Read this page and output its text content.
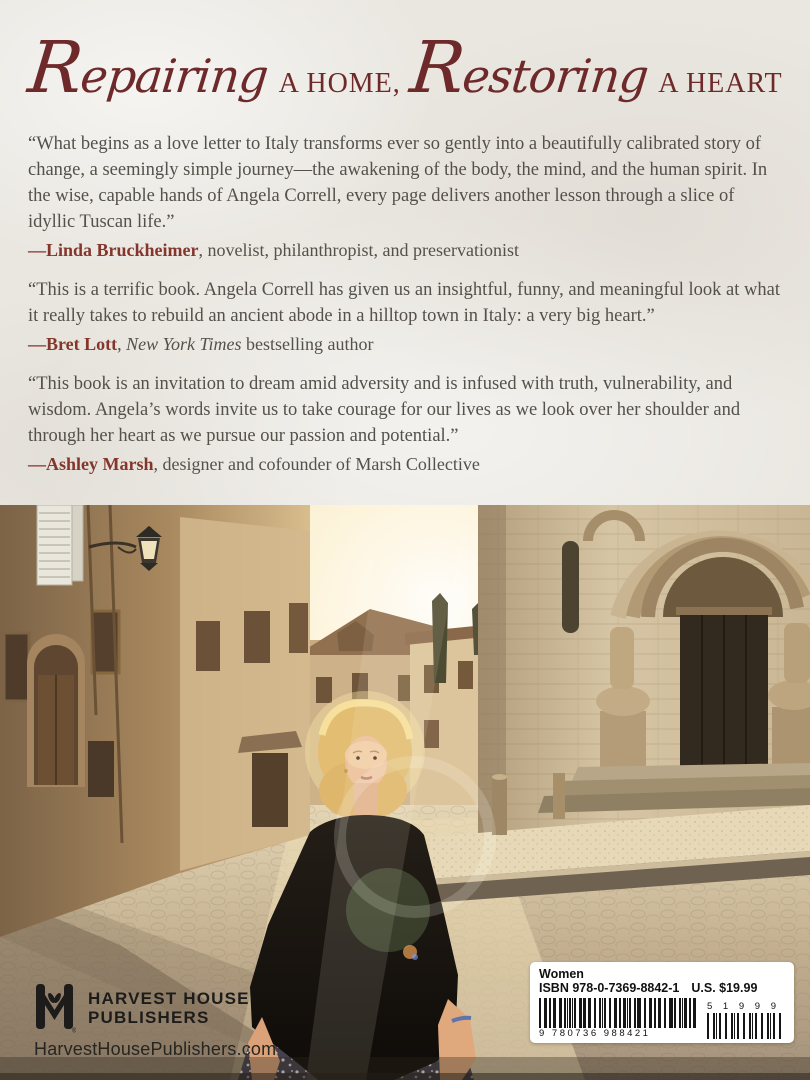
Repairing A HOME, Restoring A HEART

“What begins as a love letter to Italy transforms ever so gently into a beautifully calibrated story of change, a seemingly simple journey—the awakening of the body, the mind, and the human spirit. In the wise, capable hands of Angela Correll, every page delivers another lesson through a slice of idyllic Tuscan life.”

—Linda Bruckheimer, novelist, philanthropist, and preservationist

“This is a terrific book. Angela Correll has given us an insightful, funny, and meaningful look at what it really takes to rebuild an ancient abode in a hilltop town in Italy: a very big heart.”

—Bret Lott, New York Times bestselling author

“This book is an invitation to dream amid adversity and is infused with truth, vulnerability, and wisdom. Angela’s words invite us to take courage for our lives as we look over her shoulder and through her heart as we pursue our passion and potential.”

—Ashley Marsh, designer and cofounder of Marsh Collective

®
HARVEST HOUSE
PUBLISHERS
HarvestHousePublishers.com
Women
ISBN 978-0-7369-8842-1 U.S. $19.99
9 780736 988421
5 1 9 9 9
